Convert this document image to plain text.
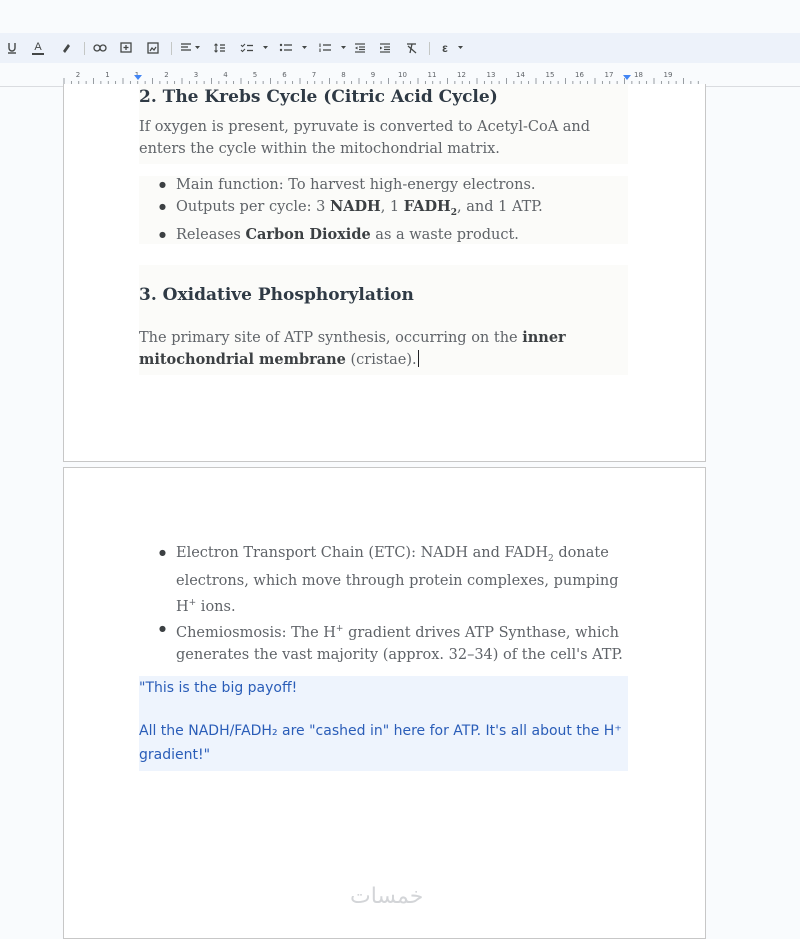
A	ε
2	1	2	3	4	5	6	7	8	9	10	11	12	13	14	15	16	17	18	19
2. The Krebs Cycle (Citric Acid Cycle)
If oxygen is present, pyruvate is converted to Acetyl-CoA and enters the cycle within the mitochondrial matrix.
● Main function: To harvest high-energy electrons.
● Outputs per cycle: 3 NADH, 1 $FADH_2$, and 1 ATP.
● Releases Carbon Dioxide as a waste product.
3. Oxidative Phosphorylation
The primary site of ATP synthesis, occurring on the inner mitochondrial membrane (cristae).
● Electron Transport Chain (ETC): NADH and $FADH_2$ donate electrons, which move through protein complexes, pumping H+ ions.
● Chemiosmosis: The H+ gradient drives ATP Synthase, which generates the vast majority (approx. 32–34) of the cell's ATP.
"This is the big payoff!
All the NADH/FADH₂ are "cashed in" here for ATP. It's all about the H⁺ gradient!"
خمسات
